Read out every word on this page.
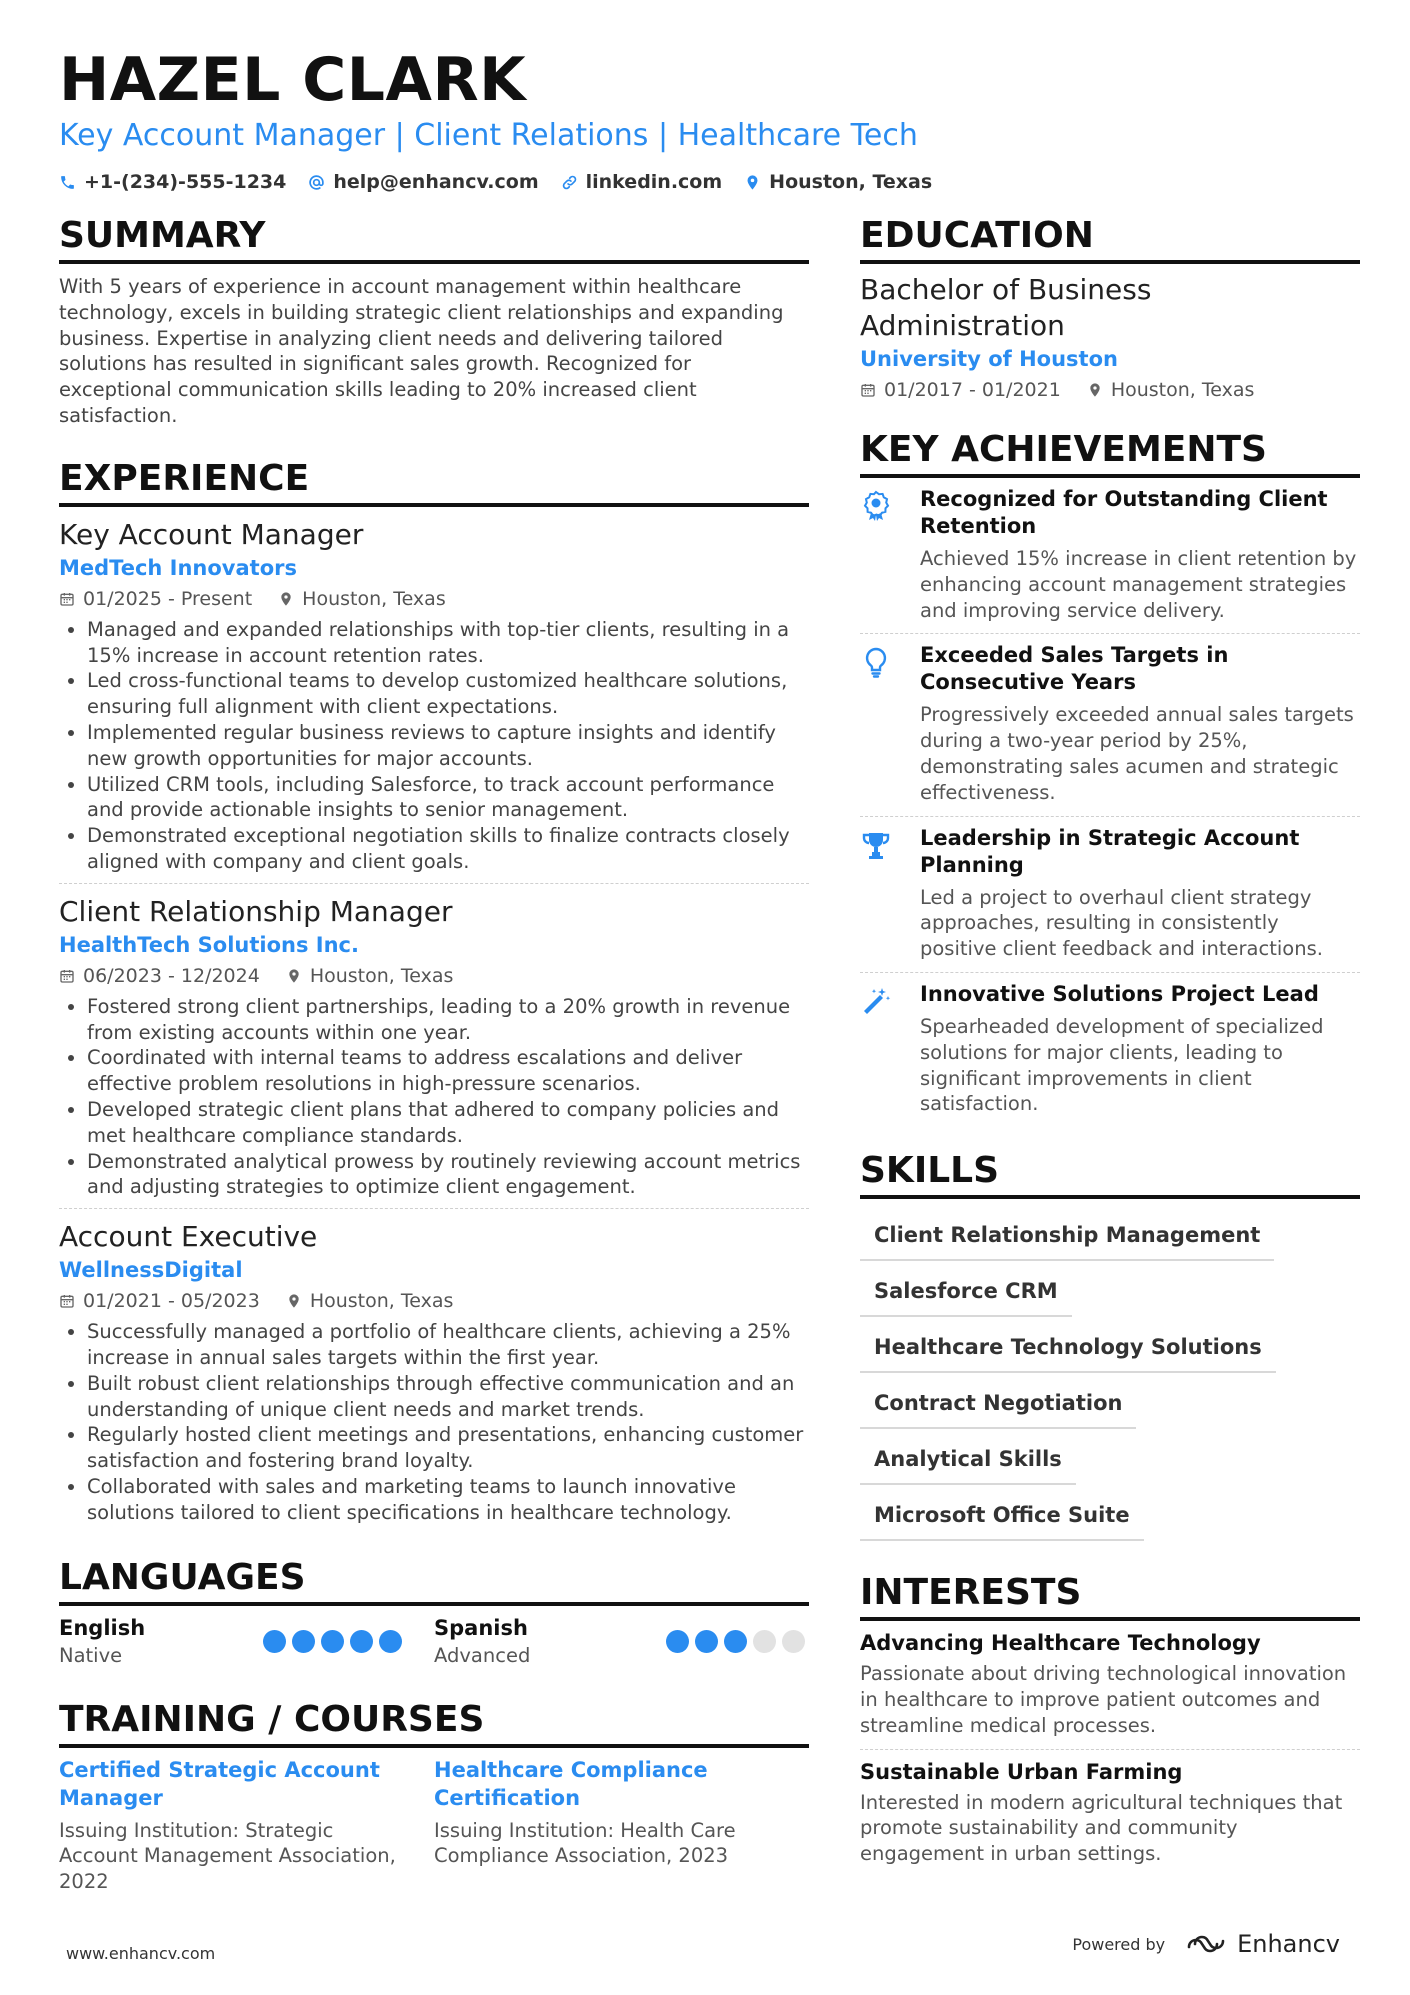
HAZEL CLARK
Key Account Manager | Client Relations | Healthcare Tech
+1-(234)-555-1234 help@enhancv.com linkedin.com Houston, Texas
SUMMARY

With 5 years of experience in account management within healthcare technology, excels in building strategic client relationships and expanding business. Expertise in analyzing client needs and delivering tailored solutions has resulted in significant sales growth. Recognized for exceptional communication skills leading to 20% increased client satisfaction.

EXPERIENCE
Key Account Manager
MedTech Innovators
01/2025 - Present	Houston, Texas
• Managed and expanded relationships with top-tier clients, resulting in a 15% increase in account retention rates.
• Led cross-functional teams to develop customized healthcare solutions, ensuring full alignment with client expectations.
• Implemented regular business reviews to capture insights and identify new growth opportunities for major accounts.
• Utilized CRM tools, including Salesforce, to track account performance and provide actionable insights to senior management.
• Demonstrated exceptional negotiation skills to finalize contracts closely aligned with company and client goals.
Client Relationship Manager
HealthTech Solutions Inc.
06/2023 - 12/2024	Houston, Texas
• Fostered strong client partnerships, leading to a 20% growth in revenue from existing accounts within one year.
• Coordinated with internal teams to address escalations and deliver effective problem resolutions in high-pressure scenarios.
• Developed strategic client plans that adhered to company policies and met healthcare compliance standards.
• Demonstrated analytical prowess by routinely reviewing account metrics and adjusting strategies to optimize client engagement.
Account Executive
WellnessDigital
01/2021 - 05/2023	Houston, Texas
• Successfully managed a portfolio of healthcare clients, achieving a 25% increase in annual sales targets within the first year.
• Built robust client relationships through effective communication and an understanding of unique client needs and market trends.
• Regularly hosted client meetings and presentations, enhancing customer satisfaction and fostering brand loyalty.
• Collaborated with sales and marketing teams to launch innovative solutions tailored to client specifications in healthcare technology.
LANGUAGES
English
Native
Spanish
Advanced
TRAINING / COURSES
Certified Strategic Account Manager
Issuing Institution: Strategic Account Management Association, 2022
Healthcare Compliance Certification
Issuing Institution: Health Care Compliance Association, 2023
EDUCATION
Bachelor of Business Administration
University of Houston
01/2017 - 01/2021	Houston, Texas
KEY ACHIEVEMENTS
Recognized for Outstanding Client Retention
Achieved 15% increase in client retention by enhancing account management strategies and improving service delivery.
Exceeded Sales Targets in Consecutive Years
Progressively exceeded annual sales targets during a two-year period by 25%, demonstrating sales acumen and strategic effectiveness.
Leadership in Strategic Account Planning
Led a project to overhaul client strategy approaches, resulting in consistently positive client feedback and interactions.
Innovative Solutions Project Lead
Spearheaded development of specialized solutions for major clients, leading to significant improvements in client satisfaction.
SKILLS
Client Relationship Management
Salesforce CRM
Healthcare Technology Solutions
Contract Negotiation
Analytical Skills
Microsoft Office Suite
INTERESTS
Advancing Healthcare Technology
Passionate about driving technological innovation in healthcare to improve patient outcomes and streamline medical processes.
Sustainable Urban Farming
Interested in modern agricultural techniques that promote sustainability and community engagement in urban settings.
www.enhancv.com	Powered by	Enhancv
